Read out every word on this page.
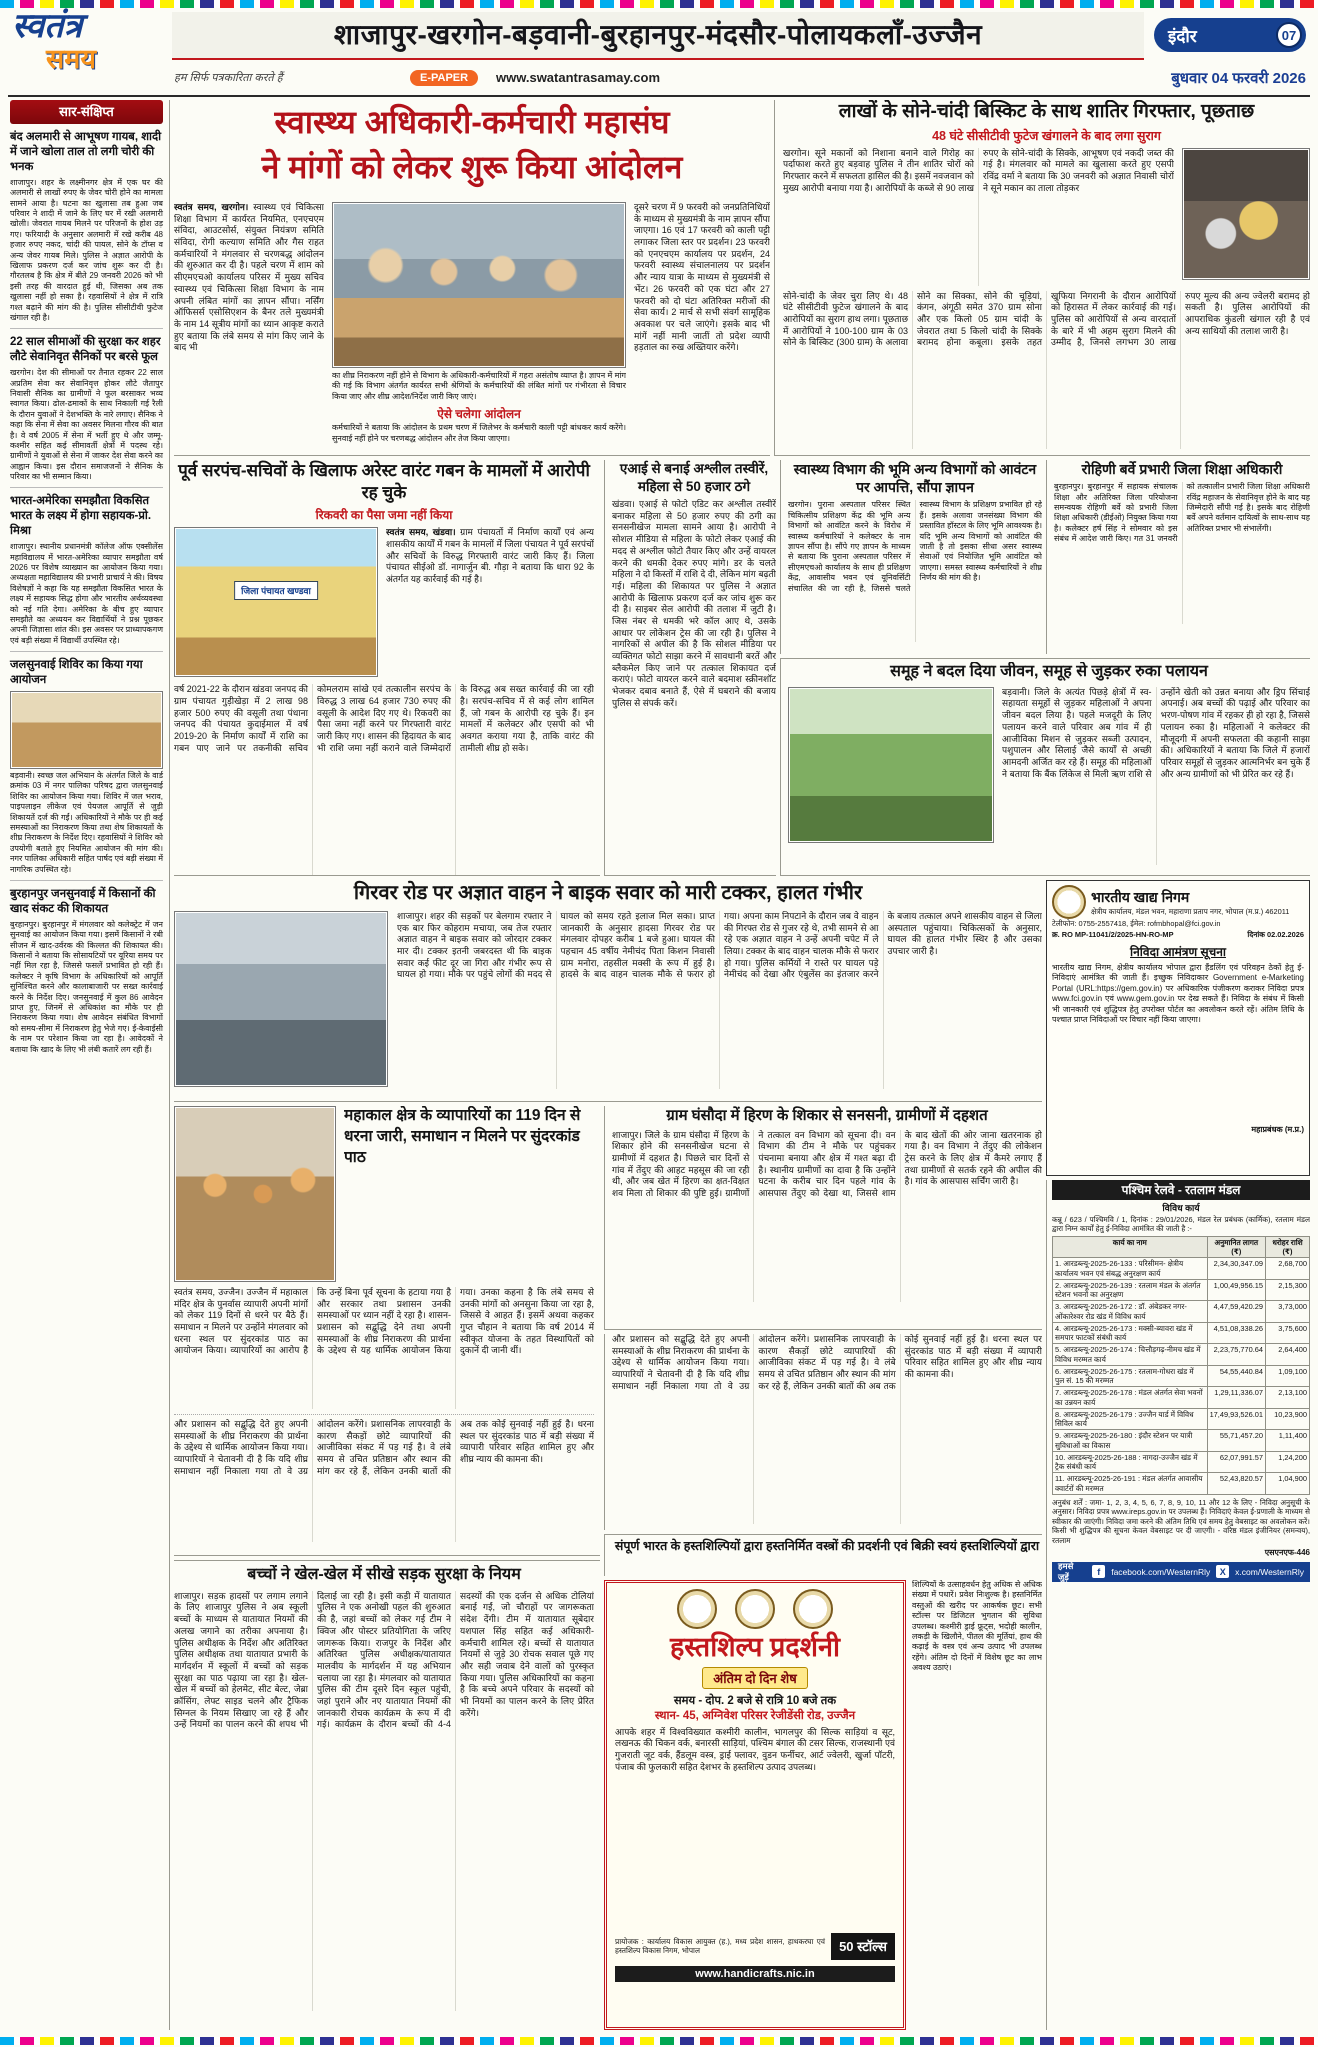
स्वतंत्र
समय
शाजापुर-खरगोन-बड़वानी-बुरहानपुर-मंदसौर-पोलायकलाँ-उज्जैन	इंदौर	07
हम सिर्फ पत्रकारिता करते हैं	E-PAPER	www.swatantrasamay.com	बुधवार 04 फरवरी 2026
सार-संक्षिप्त
बंद अलमारी से आभूषण गायब, शादी में जाने खोला ताल तो लगी चोरी की भनक
शाजापुर। शहर के लक्ष्मीनगर क्षेत्र में एक घर की अलमारी से लाखों रुपए के जेवर चोरी होने का मामला सामने आया है। घटना का खुलासा तब हुआ जब परिवार ने शादी में जाने के लिए घर में रखी अलमारी खोली। जेवरात गायब मिलने पर परिजनों के होश उड़ गए। फरियादी के अनुसार अलमारी में रखे करीब 48 हजार रुपए नकद, चांदी की पायल, सोने के टॉप्स व अन्य जेवर गायब मिले। पुलिस ने अज्ञात आरोपी के खिलाफ प्रकरण दर्ज कर जांच शुरू कर दी है। गौरतलब है कि क्षेत्र में बीते 29 जनवरी 2026 को भी इसी तरह की वारदात हुई थी, जिसका अब तक खुलासा नहीं हो सका है। रहवासियों ने क्षेत्र में रात्रि गश्त बढ़ाने की मांग की है। पुलिस सीसीटीवी फुटेज खंगाल रही है।
22 साल सीमाओं की सुरक्षा कर शहर लौटे सेवानिवृत सैनिकों पर बरसे फूल
खरगोन। देश की सीमाओं पर तैनात रहकर 22 साल अप्रतिम सेवा कर सेवानिवृत्त होकर लौटे जैतापुर निवासी सैनिक का ग्रामीणों ने फूल बरसाकर भव्य स्वागत किया। ढोल-ढमाकों के साथ निकाली गई रैली के दौरान युवाओं ने देशभक्ति के नारे लगाए। सैनिक ने कहा कि सेना में सेवा का अवसर मिलना गौरव की बात है। वे वर्ष 2005 में सेना में भर्ती हुए थे और जम्मू-कश्मीर सहित कई सीमावर्ती क्षेत्रों में पदस्थ रहे। ग्रामीणों ने युवाओं से सेना में जाकर देश सेवा करने का आह्वान किया। इस दौरान समाजजनों ने सैनिक के परिवार का भी सम्मान किया।
भारत-अमेरिका समझौता विकसित भारत के लक्ष्य में होगा सहायक-प्रो. मिश्रा
शाजापुर। स्थानीय प्रधानमंत्री कॉलेज ऑफ एक्सीलेंस महाविद्यालय में भारत-अमेरिका व्यापार समझौता वर्ष 2026 पर विशेष व्याख्यान का आयोजन किया गया। अध्यक्षता महाविद्यालय की प्रभारी प्राचार्य ने की। विषय विशेषज्ञों ने कहा कि यह समझौता विकसित भारत के लक्ष्य में सहायक सिद्ध होगा और भारतीय अर्थव्यवस्था को नई गति देगा। अमेरिका के बीच हुए व्यापार समझौते का अध्ययन कर विद्यार्थियों ने प्रश्न पूछकर अपनी जिज्ञासा शांत की। इस अवसर पर प्राध्यापकगण एवं बड़ी संख्या में विद्यार्थी उपस्थित रहे।
जलसुनवाई शिविर का किया गया आयोजन
बड़वानी। स्वच्छ जल अभियान के अंतर्गत जिले के वार्ड क्रमांक 03 में नगर पालिका परिषद द्वारा जलसुनवाई शिविर का आयोजन किया गया। शिविर में जल भराव, पाइपलाइन लीकेज एवं पेयजल आपूर्ति से जुड़ी शिकायतें दर्ज की गईं। अधिकारियों ने मौके पर ही कई समस्याओं का निराकरण किया तथा शेष शिकायतों के शीघ्र निराकरण के निर्देश दिए। रहवासियों ने शिविर को उपयोगी बताते हुए नियमित आयोजन की मांग की। नगर पालिका अधिकारी सहित पार्षद एवं बड़ी संख्या में नागरिक उपस्थित रहे।
बुरहानपुर जनसुनवाई में किसानों की खाद संकट की शिकायत
बुरहानपुर। बुरहानपुर में मंगलवार को कलेक्ट्रेट में जन सुनवाई का आयोजन किया गया। इसमें किसानों ने रबी सीजन में खाद-उर्वरक की किल्लत की शिकायत की। किसानों ने बताया कि सोसायटियों पर यूरिया समय पर नहीं मिल रहा है, जिससे फसलें प्रभावित हो रही हैं। कलेक्टर ने कृषि विभाग के अधिकारियों को आपूर्ति सुनिश्चित करने और कालाबाजारी पर सख्त कार्रवाई करने के निर्देश दिए। जनसुनवाई में कुल 86 आवेदन प्राप्त हुए, जिनमें से अधिकांश का मौके पर ही निराकरण किया गया। शेष आवेदन संबंधित विभागों को समय-सीमा में निराकरण हेतु भेजे गए। ई-केवाईसी के नाम पर परेशान किया जा रहा है। आवेदकों ने बताया कि खाद के लिए भी लंबी कतारें लग रही हैं।
स्वास्थ्य अधिकारी-कर्मचारी महासंघ
ने मांगों को लेकर शुरू किया आंदोलन
स्वतंत्र समय, खरगोन। स्वास्थ्य एवं चिकित्सा शिक्षा विभाग में कार्यरत नियमित, एनएचएम संविदा, आउटसोर्स, संयुक्त नियंत्रण समिति संविदा, रोगी कल्याण समिति और गैस राहत कर्मचारियों ने मंगलवार से चरणबद्ध आंदोलन की शुरुआत कर दी है। पहले चरण में शाम को सीएमएचओ कार्यालय परिसर में मुख्य सचिव स्वास्थ्य एवं चिकित्सा शिक्षा विभाग के नाम अपनी लंबित मांगों का ज्ञापन सौंपा। नर्सिंग ऑफिसर्स एसोसिएशन के बैनर तले मुख्यमंत्री के नाम 14 सूत्रीय मांगों का ध्यान आकृष्ट कराते हुए बताया कि लंबे समय से मांग किए जाने के बाद भी
का शीघ्र निराकरण नहीं होने से विभाग के अधिकारी-कर्मचारियों में गहरा असंतोष व्याप्त है। ज्ञापन में मांग की गई कि विभाग अंतर्गत कार्यरत सभी श्रेणियों के कर्मचारियों की लंबित मांगों पर गंभीरता से विचार किया जाए और शीघ्र आदेश/निर्देश जारी किए जाएं।
ऐसे चलेगा आंदोलन
कर्मचारियों ने बताया कि आंदोलन के प्रथम चरण में जिलेभर के कर्मचारी काली पट्टी बांधकर कार्य करेंगे। सुनवाई नहीं होने पर चरणबद्ध आंदोलन और तेज किया जाएगा।
दूसरे चरण में 9 फरवरी को जनप्रतिनिधियों के माध्यम से मुख्यमंत्री के नाम ज्ञापन सौंपा जाएगा। 16 एवं 17 फरवरी को काली पट्टी लगाकर जिला स्तर पर प्रदर्शन। 23 फरवरी को एनएचएम कार्यालय पर प्रदर्शन, 24 फरवरी स्वास्थ्य संचालनालय पर प्रदर्शन और न्याय यात्रा के माध्यम से मुख्यमंत्री से भेंट। 26 फरवरी को एक घंटा और 27 फरवरी को दो घंटा अतिरिक्त मरीजों की सेवा कार्य। 2 मार्च से सभी संवर्ग सामूहिक अवकाश पर चले जाएंगे। इसके बाद भी मांगें नहीं मानी जातीं तो प्रदेश व्यापी हड़ताल का रुख अख्तियार करेंगे।
लाखों के सोने-चांदी बिस्किट के साथ शातिर गिरफ्तार, पूछताछ
48 घंटे सीसीटीवी फुटेज खंगालने के बाद लगा सुराग
खरगोन। सूने मकानों को निशाना बनाने वाले गिरोह का पर्दाफाश करते हुए बड़वाह पुलिस ने तीन शातिर चोरों को गिरफ्तार करने में सफलता हासिल की है। इसमें नवजवान को मुख्य आरोपी बनाया गया है। आरोपियों के कब्जे से 90 लाख रुपए के सोने-चांदी के सिक्के, आभूषण एवं नकदी जब्त की गई है। मंगलवार को मामले का खुलासा करते हुए एसपी रविंद्र वर्मा ने बताया कि 30 जनवरी को अज्ञात निवासी चोरों ने सूने मकान का ताला तोड़कर
सोने-चांदी के जेवर चुरा लिए थे। 48 घंटे सीसीटीवी फुटेज खंगालने के बाद आरोपियों का सुराग हाथ लगा। पूछताछ में आरोपियों ने 100-100 ग्राम के 03 सोने के बिस्किट (300 ग्राम) के अलावा सोने का सिक्का, सोने की चूड़ियां, कंगन, अंगूठी समेत 370 ग्राम सोना और एक किलो 05 ग्राम चांदी के जेवरात तथा 5 किलो चांदी के सिक्के बरामद होना कबूला। इसके तहत खुफिया निगरानी के दौरान आरोपियों को हिरासत में लेकर कार्रवाई की गई। पुलिस को आरोपियों से अन्य वारदातों के बारे में भी अहम सुराग मिलने की उम्मीद है, जिनसे लगभग 30 लाख रुपए मूल्य की अन्य ज्वेलरी बरामद हो सकती है। पुलिस आरोपियों की आपराधिक कुंडली खंगाल रही है एवं अन्य साथियों की तलाश जारी है।
पूर्व सरपंच-सचिवों के खिलाफ अरेस्ट वारंट गबन के मामलों में आरोपी रह चुके
रिकवरी का पैसा जमा नहीं किया
जिला पंचायत खण्डवा
स्वतंत्र समय, खंडवा। ग्राम पंचायतों में निर्माण कार्यों एवं अन्य शासकीय कार्यों में गबन के मामलों में जिला पंचायत ने पूर्व सरपंचों और सचिवों के विरुद्ध गिरफ्तारी वारंट जारी किए हैं। जिला पंचायत सीईओ डॉ. नागार्जुन बी. गौड़ा ने बताया कि धारा 92 के अंतर्गत यह कार्रवाई की गई है।
वर्ष 2021-22 के दौरान खंडवा जनपद की ग्राम पंचायत गुड़ीखेड़ा में 2 लाख 98 हजार 500 रुपए की वसूली तथा पंधाना जनपद की पंचायत कुदाईमाल में वर्ष 2019-20 के निर्माण कार्यों में राशि का गबन पाए जाने पर तकनीकी सचिव कोमलराम सांखे एवं तत्कालीन सरपंच के विरुद्ध 3 लाख 64 हजार 730 रुपए की वसूली के आदेश दिए गए थे। रिकवरी का पैसा जमा नहीं करने पर गिरफ्तारी वारंट जारी किए गए। शासन की हिदायत के बाद भी राशि जमा नहीं कराने वाले जिम्मेदारों के विरुद्ध अब सख्त कार्रवाई की जा रही है। सरपंच-सचिव में से कई लोग शामिल हैं, जो गबन के आरोपी रह चुके हैं। इन मामलों में कलेक्टर और एसपी को भी अवगत कराया गया है, ताकि वारंट की तामीली शीघ्र हो सके।
एआई से बनाई अश्लील तस्वीरें, महिला से 50 हजार ठगे
खंडवा। एआई से फोटो एडिट कर अश्लील तस्वीरें बनाकर महिला से 50 हजार रुपए की ठगी का सनसनीखेज मामला सामने आया है। आरोपी ने सोशल मीडिया से महिला के फोटो लेकर एआई की मदद से अश्लील फोटो तैयार किए और उन्हें वायरल करने की धमकी देकर रुपए मांगे। डर के चलते महिला ने दो किस्तों में राशि दे दी, लेकिन मांग बढ़ती गई। महिला की शिकायत पर पुलिस ने अज्ञात आरोपी के खिलाफ प्रकरण दर्ज कर जांच शुरू कर दी है। साइबर सेल आरोपी की तलाश में जुटी है। जिस नंबर से धमकी भरे कॉल आए थे, उसके आधार पर लोकेशन ट्रेस की जा रही है। पुलिस ने नागरिकों से अपील की है कि सोशल मीडिया पर व्यक्तिगत फोटो साझा करने में सावधानी बरतें और ब्लैकमेल किए जाने पर तत्काल शिकायत दर्ज कराएं। फोटो वायरल करने वाले बदमाश स्क्रीनशॉट भेजकर दबाव बनाते हैं, ऐसे में घबराने की बजाय पुलिस से संपर्क करें।
स्वास्थ्य विभाग की भूमि अन्य विभागों को आवंटन पर आपत्ति, सौंपा ज्ञापन
खरगोन। पुराना अस्पताल परिसर स्थित चिकित्सीय प्रशिक्षण केंद्र की भूमि अन्य विभागों को आवंटित करने के विरोध में स्वास्थ्य कर्मचारियों ने कलेक्टर के नाम ज्ञापन सौंपा है। सौंपे गए ज्ञापन के माध्यम से बताया कि पुराना अस्पताल परिसर में सीएमएचओ कार्यालय के साथ ही प्रशिक्षण केंद्र, आवासीय भवन एवं यूनिवर्सिटी संचालित की जा रही है, जिससे चलते स्वास्थ्य विभाग के प्रशिक्षण प्रभावित हो रहे हैं। इसके अलावा जनसंख्या विभाग की प्रस्तावित हॉस्टल के लिए भूमि आवश्यक है। यदि भूमि अन्य विभागों को आवंटित की जाती है तो इसका सीधा असर स्वास्थ्य सेवाओं एवं नियोजित भूमि आवंटित को जाएगा। समस्त स्वास्थ्य कर्मचारियों ने शीघ्र निर्णय की मांग की है।
रोहिणी बर्वे प्रभारी जिला शिक्षा अधिकारी
बुरहानपुर। बुरहानपुर में सहायक संचालक शिक्षा और अतिरिक्त जिला परियोजना समन्वयक रोहिणी बर्वे को प्रभारी जिला शिक्षा अधिकारी (डीईओ) नियुक्त किया गया है। कलेक्टर हर्ष सिंह ने सोमवार को इस संबंध में आदेश जारी किए। गत 31 जनवरी को तत्कालीन प्रभारी जिला शिक्षा अधिकारी रविंद्र महाजन के सेवानिवृत्त होने के बाद यह जिम्मेदारी सौंपी गई है। इसके बाद रोहिणी बर्वे अपने वर्तमान दायित्वों के साथ-साथ यह अतिरिक्त प्रभार भी संभालेंगी।
समूह ने बदल दिया जीवन, समूह से जुड़कर रुका पलायन
बड़वानी। जिले के अत्यंत पिछड़े क्षेत्रों में स्व-सहायता समूहों से जुड़कर महिलाओं ने अपना जीवन बदल लिया है। पहले मजदूरी के लिए पलायन करने वाले परिवार अब गांव में ही आजीविका मिशन से जुड़कर सब्जी उत्पादन, पशुपालन और सिलाई जैसे कार्यों से अच्छी आमदनी अर्जित कर रहे हैं। समूह की महिलाओं ने बताया कि बैंक लिंकेज से मिली ऋण राशि से उन्होंने खेती को उन्नत बनाया और ड्रिप सिंचाई अपनाई। अब बच्चों की पढ़ाई और परिवार का भरण-पोषण गांव में रहकर ही हो रहा है, जिससे पलायन रुका है। महिलाओं ने कलेक्टर की मौजूदगी में अपनी सफलता की कहानी साझा की। अधिकारियों ने बताया कि जिले में हजारों परिवार समूहों से जुड़कर आत्मनिर्भर बन चुके हैं और अन्य ग्रामीणों को भी प्रेरित कर रहे हैं।
गिरवर रोड पर अज्ञात वाहन ने बाइक सवार को मारी टक्कर, हालत गंभीर
शाजापुर। शहर की सड़कों पर बेलगाम रफ्तार ने एक बार फिर कोहराम मचाया, जब तेज रफ्तार अज्ञात वाहन ने बाइक सवार को जोरदार टक्कर मार दी। टक्कर इतनी जबरदस्त थी कि बाइक सवार कई फीट दूर जा गिरा और गंभीर रूप से घायल हो गया। मौके पर पहुंचे लोगों की मदद से घायल को समय रहते इलाज मिल सका। प्राप्त जानकारी के अनुसार हादसा गिरवर रोड पर मंगलवार दोपहर करीब 1 बजे हुआ। घायल की पहचान 45 वर्षीय नेमीचंद पिता किशन निवासी ग्राम मनोरा, तहसील मक्सी के रूप में हुई है। हादसे के बाद वाहन चालक मौके से फरार हो गया। अपना काम निपटाने के दौरान जब वे वाहन की गिरफ्त रोड से गुजर रहे थे, तभी सामने से आ रहे एक अज्ञात वाहन ने उन्हें अपनी चपेट में ले लिया। टक्कर के बाद वाहन चालक मौके से फरार हो गया। पुलिस कर्मियों ने रास्ते पर घायल पड़े नेमीचंद को देखा और एंबुलेंस का इंतजार करने के बजाय तत्काल अपने शासकीय वाहन से जिला अस्पताल पहुंचाया। चिकित्सकों के अनुसार, घायल की हालत गंभीर स्थिर है और उसका उपचार जारी है।
भारतीय खाद्य निगम
क्षेत्रीय कार्यालय, मंडल भवन, महाराणा प्रताप नगर, भोपाल (म.प्र.) 462011
टेलीफोन: 0755-2557418, ईमेल: rofmbhopal@fci.gov.in
क्र. RO MP-11041/2/2025-HN-RO-MP	दिनांक 02.02.2026
निविदा आमंत्रण सूचना
भारतीय खाद्य निगम, क्षेत्रीय कार्यालय भोपाल द्वारा हैंडलिंग एवं परिवहन ठेकों हेतु ई-निविदाएं आमंत्रित की जाती हैं। इच्छुक निविदाकार Government e-Marketing Portal (URL:https://gem.gov.in) पर अधिकारिक पंजीकरण कराकर निविदा प्रपत्र www.fci.gov.in एवं www.gem.gov.in पर देख सकते हैं। निविदा के संबंध में किसी भी जानकारी एवं शुद्धिपत्र हेतु उपरोक्त पोर्टल का अवलोकन करते रहें। अंतिम तिथि के पश्चात प्राप्त निविदाओं पर विचार नहीं किया जाएगा।
महाप्रबंधक (म.प्र.)
महाकाल क्षेत्र के व्यापारियों का 119 दिन से धरना जारी, समाधान न मिलने पर सुंदरकांड पाठ
स्वतंत्र समय, उज्जैन। उज्जैन में महाकाल मंदिर क्षेत्र के पुनर्वास व्यापारी अपनी मांगों को लेकर 119 दिनों से धरने पर बैठे हैं। समाधान न मिलने पर उन्होंने मंगलवार को धरना स्थल पर सुंदरकांड पाठ का आयोजन किया। व्यापारियों का आरोप है कि उन्हें बिना पूर्व सूचना के हटाया गया है और सरकार तथा प्रशासन उनकी समस्याओं पर ध्यान नहीं दे रहा है। शासन-प्रशासन को सद्बुद्धि देने तथा अपनी समस्याओं के शीघ्र निराकरण की प्रार्थना के उद्देश्य से यह धार्मिक आयोजन किया गया। उनका कहना है कि लंबे समय से उनकी मांगों को अनसुना किया जा रहा है, जिससे वे आहत हैं। इसमें अथवा कहकर गुप्त चौहान ने बताया कि वर्ष 2014 में स्वीकृत योजना के तहत विस्थापितों को दुकानें दी जानी थीं।
और प्रशासन को सद्बुद्धि देते हुए अपनी समस्याओं के शीघ्र निराकरण की प्रार्थना के उद्देश्य से धार्मिक आयोजन किया गया। व्यापारियों ने चेतावनी दी है कि यदि शीघ्र समाधान नहीं निकाला गया तो वे उग्र आंदोलन करेंगे। प्रशासनिक लापरवाही के कारण सैकड़ों छोटे व्यापारियों की आजीविका संकट में पड़ गई है। वे लंबे समय से उचित प्रतिष्ठान और स्थान की मांग कर रहे हैं, लेकिन उनकी बातों की अब तक कोई सुनवाई नहीं हुई है। धरना स्थल पर सुंदरकांड पाठ में बड़ी संख्या में व्यापारी परिवार सहित शामिल हुए और शीघ्र न्याय की कामना की।
ग्राम घंसौदा में हिरण के शिकार से सनसनी, ग्रामीणों में दहशत
शाजापुर। जिले के ग्राम घंसौदा में हिरण के शिकार होने की सनसनीखेज घटना से ग्रामीणों में दहशत है। पिछले चार दिनों से गांव में तेंदुए की आहट महसूस की जा रही थी, और जब खेत में हिरण का क्षत-विक्षत शव मिला तो शिकार की पुष्टि हुई। ग्रामीणों ने तत्काल वन विभाग को सूचना दी। वन विभाग की टीम ने मौके पर पहुंचकर पंचनामा बनाया और क्षेत्र में गश्त बढ़ा दी है। स्थानीय ग्रामीणों का दावा है कि उन्होंने घटना के करीब चार दिन पहले गांव के आसपास तेंदुए को देखा था, जिससे शाम के बाद खेतों की ओर जाना खतरनाक हो गया है। वन विभाग ने तेंदुए की लोकेशन ट्रेस करने के लिए क्षेत्र में कैमरे लगाए हैं तथा ग्रामीणों से सतर्क रहने की अपील की है। गांव के आसपास सर्चिंग जारी है।
और प्रशासन को सद्बुद्धि देते हुए अपनी समस्याओं के शीघ्र निराकरण की प्रार्थना के उद्देश्य से धार्मिक आयोजन किया गया। व्यापारियों ने चेतावनी दी है कि यदि शीघ्र समाधान नहीं निकाला गया तो वे उग्र आंदोलन करेंगे। प्रशासनिक लापरवाही के कारण सैकड़ों छोटे व्यापारियों की आजीविका संकट में पड़ गई है। वे लंबे समय से उचित प्रतिष्ठान और स्थान की मांग कर रहे हैं, लेकिन उनकी बातों की अब तक कोई सुनवाई नहीं हुई है। धरना स्थल पर सुंदरकांड पाठ में बड़ी संख्या में व्यापारी परिवार सहित शामिल हुए और शीघ्र न्याय की कामना की।
संपूर्ण भारत के हस्तशिल्पियों द्वारा हस्तनिर्मित वस्त्रों की प्रदर्शनी एवं बिक्री स्वयं हस्तशिल्पियों द्वारा
बच्चों ने खेल-खेल में सीखे सड़क सुरक्षा के नियम
शाजापुर। सड़क हादसों पर लगाम लगाने के लिए शाजापुर पुलिस ने अब स्कूली बच्चों के माध्यम से यातायात नियमों की अलख जगाने का तरीका अपनाया है। पुलिस अधीक्षक के निर्देश और अतिरिक्त पुलिस अधीक्षक तथा यातायात प्रभारी के मार्गदर्शन में स्कूलों में बच्चों को सड़क सुरक्षा का पाठ पढ़ाया जा रहा है। खेल-खेल में बच्चों को हेलमेट, सीट बेल्ट, जेब्रा क्रॉसिंग, लेफ्ट साइड चलने और ट्रैफिक सिग्नल के नियम सिखाए जा रहे हैं और उन्हें नियमों का पालन करने की शपथ भी दिलाई जा रही है। इसी कड़ी में यातायात पुलिस ने एक अनोखी पहल की शुरुआत की है, जहां बच्चों को लेकर गई टीम ने क्विज और पोस्टर प्रतियोगिता के जरिए जागरूक किया। राजपुर के निर्देश और अतिरिक्त पुलिस अधीक्षक/यातायात मालवीय के मार्गदर्शन में यह अभियान चलाया जा रहा है। मंगलवार को यातायात पुलिस की टीम दूसरे दिन स्कूल पहुंची, जहां पुराने और नए यातायात नियमों की जानकारी रोचक कार्यक्रम के रूप में दी गई। कार्यक्रम के दौरान बच्चों की 4-4 सदस्यों की एक दर्जन से अधिक टोलियां बनाई गईं, जो चौराहों पर जागरूकता संदेश देंगी। टीम में यातायात सूबेदार यशपाल सिंह सहित कई अधिकारी-कर्मचारी शामिल रहे। बच्चों से यातायात नियमों से जुड़े 30 रोचक सवाल पूछे गए और सही जवाब देने वालों को पुरस्कृत किया गया। पुलिस अधिकारियों का कहना है कि बच्चे अपने परिवार के सदस्यों को भी नियमों का पालन करने के लिए प्रेरित करेंगे।
हस्तशिल्प प्रदर्शनी
अंतिम दो दिन शेष
समय - दोप. 2 बजे से रात्रि 10 बजे तक
स्थान- 45, अग्निवेश परिसर रेजीडेंसी रोड, उज्जैन
आपके शहर में विश्वविख्यात कश्मीरी कालीन, भागलपुर की सिल्क साड़ियां व सूट, लखनऊ की चिकन वर्क, बनारसी साड़ियां, पश्चिम बंगाल की टसर सिल्क, राजस्थानी एवं गुजराती जूट वर्क, हैंडलूम वस्त्र, ड्राई फ्लावर, वुडन फर्नीचर, आर्ट ज्वेलरी, खुर्जा पॉटरी, पंजाब की फुलकारी सहित देशभर के हस्तशिल्प उत्पाद उपलब्ध।
प्रायोजक : कार्यालय विकास आयुक्त (ह.), मध्य प्रदेश शासन, हाथकरघा एवं हस्तशिल्प विकास निगम, भोपाल	50 स्टॉल्स
www.handicrafts.nic.in
शिल्पियों के उत्साहवर्धन हेतु अधिक से अधिक संख्या में पधारें। प्रवेश निःशुल्क है। हस्तनिर्मित वस्तुओं की खरीद पर आकर्षक छूट। सभी स्टॉल्स पर डिजिटल भुगतान की सुविधा उपलब्ध। कश्मीरी ड्राई फ्रूट्स, भदोही कालीन, लकड़ी के खिलौने, पीतल की मूर्तियां, हाथ की कढ़ाई के वस्त्र एवं अन्य उत्पाद भी उपलब्ध रहेंगे। अंतिम दो दिनों में विशेष छूट का लाभ अवश्य उठाएं।
पश्चिम रेलवे - रतलाम मंडल
विविध कार्य
कन्नू / 623 / पश्चिमवि / 1, दिनांक : 29/01/2026, मंडल रेल प्रबंधक (कार्मिक), रतलाम मंडल द्वारा निम्न कार्यों हेतु ई-निविदा आमंत्रित की जाती है :-
कार्य का नाम	अनुमानित लागत (₹)	धरोहर राशि (₹)
1. आरडब्ल्यू-2025-26-133 : परिसीमन- क्षेत्रीय कार्यालय भवन एवं संबद्ध अनुरक्षण कार्य	2,34,30,347.09	2,68,700
2. आरडब्ल्यू-2025-26-139 : रतलाम मंडल के अंतर्गत स्टेशन भवनों का अनुरक्षण	1,00,49,956.15	2,15,300
3. आरडब्ल्यू-2025-26-172 : डॉ. अंबेडकर नगर-ओंकारेश्वर रोड खंड में विविध कार्य	4,47,59,420.29	3,73,000
4. आरडब्ल्यू-2025-26-173 : मक्सी-ब्यावरा खंड में समपार फाटकों संबंधी कार्य	4,51,08,338.26	3,75,600
5. आरडब्ल्यू-2025-26-174 : चित्तौड़गढ़-नीमच खंड में विविध मरम्मत कार्य	2,23,75,770.64	2,64,400
6. आरडब्ल्यू-2025-26-175 : रतलाम-गोधरा खंड में पुल सं. 15 की मरम्मत	54,55,440.84	1,09,100
7. आरडब्ल्यू-2025-26-178 : मंडल अंतर्गत सेवा भवनों का उन्नयन कार्य	1,29,11,336.07	2,13,100
8. आरडब्ल्यू-2025-26-179 : उज्जैन यार्ड में विविध सिविल कार्य	17,49,93,526.01	10,23,900
9. आरडब्ल्यू-2025-26-180 : इंदौर स्टेशन पर यात्री सुविधाओं का विकास	55,71,457.20	1,11,400
10. आरडब्ल्यू-2025-26-188 : नागदा-उज्जैन खंड में ट्रैक संबंधी कार्य	62,07,991.57	1,24,200
11. आरडब्ल्यू-2025-26-191 : मंडल अंतर्गत आवासीय क्वार्टरों की मरम्मत	52,43,820.57	1,04,900
अनुबंध शर्तें : जमा- 1, 2, 3, 4, 5, 6, 7, 8, 9, 10, 11 और 12 के लिए - निविदा अनुसूची के अनुसार। निविदा प्रपत्र www.ireps.gov.in पर उपलब्ध हैं। निविदाएं केवल ई-प्रणाली के माध्यम से स्वीकार की जाएंगी। निविदा जमा करने की अंतिम तिथि एवं समय हेतु वेबसाइट का अवलोकन करें। किसी भी शुद्धिपत्र की सूचना केवल वेबसाइट पर दी जाएगी। - वरिष्ठ मंडल इंजीनियर (समन्वय), रतलाम
एसएनएफ-446
हमसे जुड़ें	f	facebook.com/WesternRly	X	x.com/WesternRly
